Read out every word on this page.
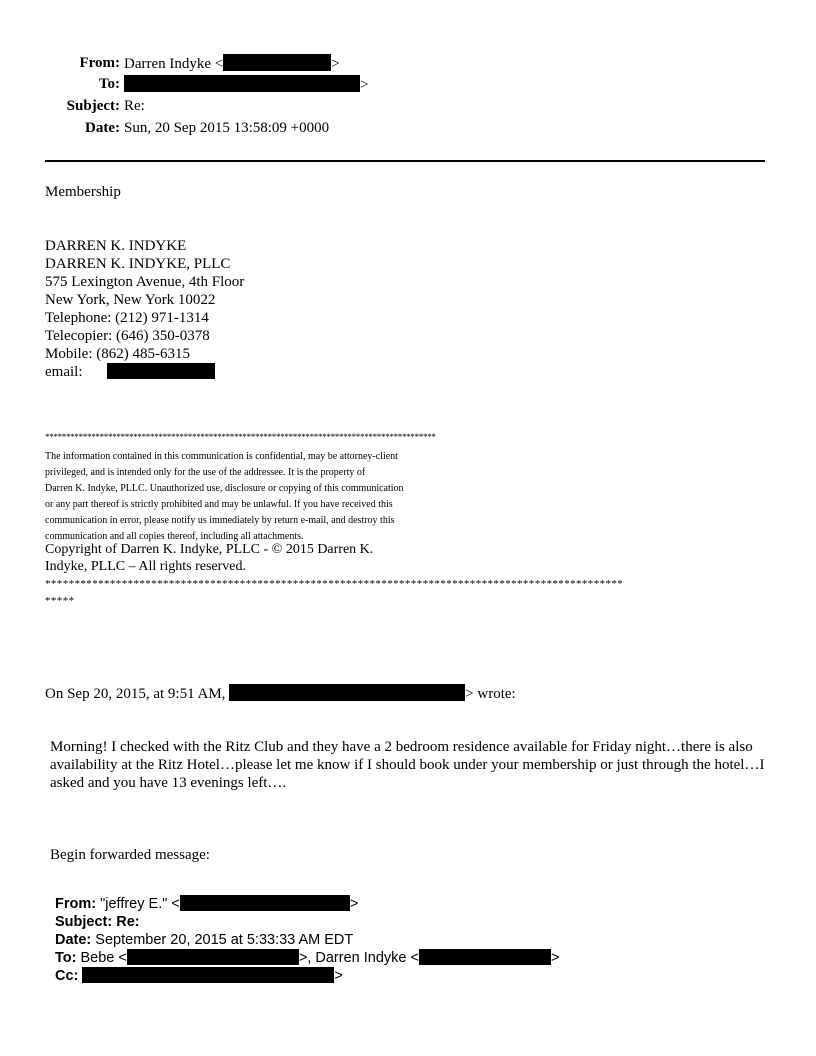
From: Darren Indyke <	>
To:	>
Subject: Re:
Date: Sun, 20 Sep 2015 13:58:09 +0000
Membership
DARREN K. INDYKE
DARREN K. INDYKE, PLLC
575 Lexington Avenue, 4th Floor
New York, New York 10022
Telephone: (212) 971-1314
Telecopier: (646) 350-0378
Mobile: (862) 485-6315
email:
*********************************************************************************************
The information contained in this communication is confidential, may be attorney-client
privileged, and is intended only for the use of the addressee. It is the property of
Darren K. Indyke, PLLC. Unauthorized use, disclosure or copying of this communication
or any part thereof is strictly prohibited and may be unlawful. If you have received this
communication in error, please notify us immediately by return e-mail, and destroy this
communication and all copies thereof, including all attachments.
Copyright of Darren K. Indyke, PLLC - © 2015 Darren K.
Indyke, PLLC – All rights reserved.
**************************************************************************************************
*****
On Sep 20, 2015, at 9:51 AM,	> wrote:
Morning! I checked with the Ritz Club and they have a 2 bedroom residence available for Friday night…there is also availability at the Ritz Hotel…please let me know if I should book under your membership or just through the hotel…I asked and you have 13 evenings left….
Begin forwarded message:
From: "jeffrey E." <	>
Subject: Re:
Date: September 20, 2015 at 5:33:33 AM EDT
To: Bebe <	>, Darren Indyke <	>
Cc:	>
